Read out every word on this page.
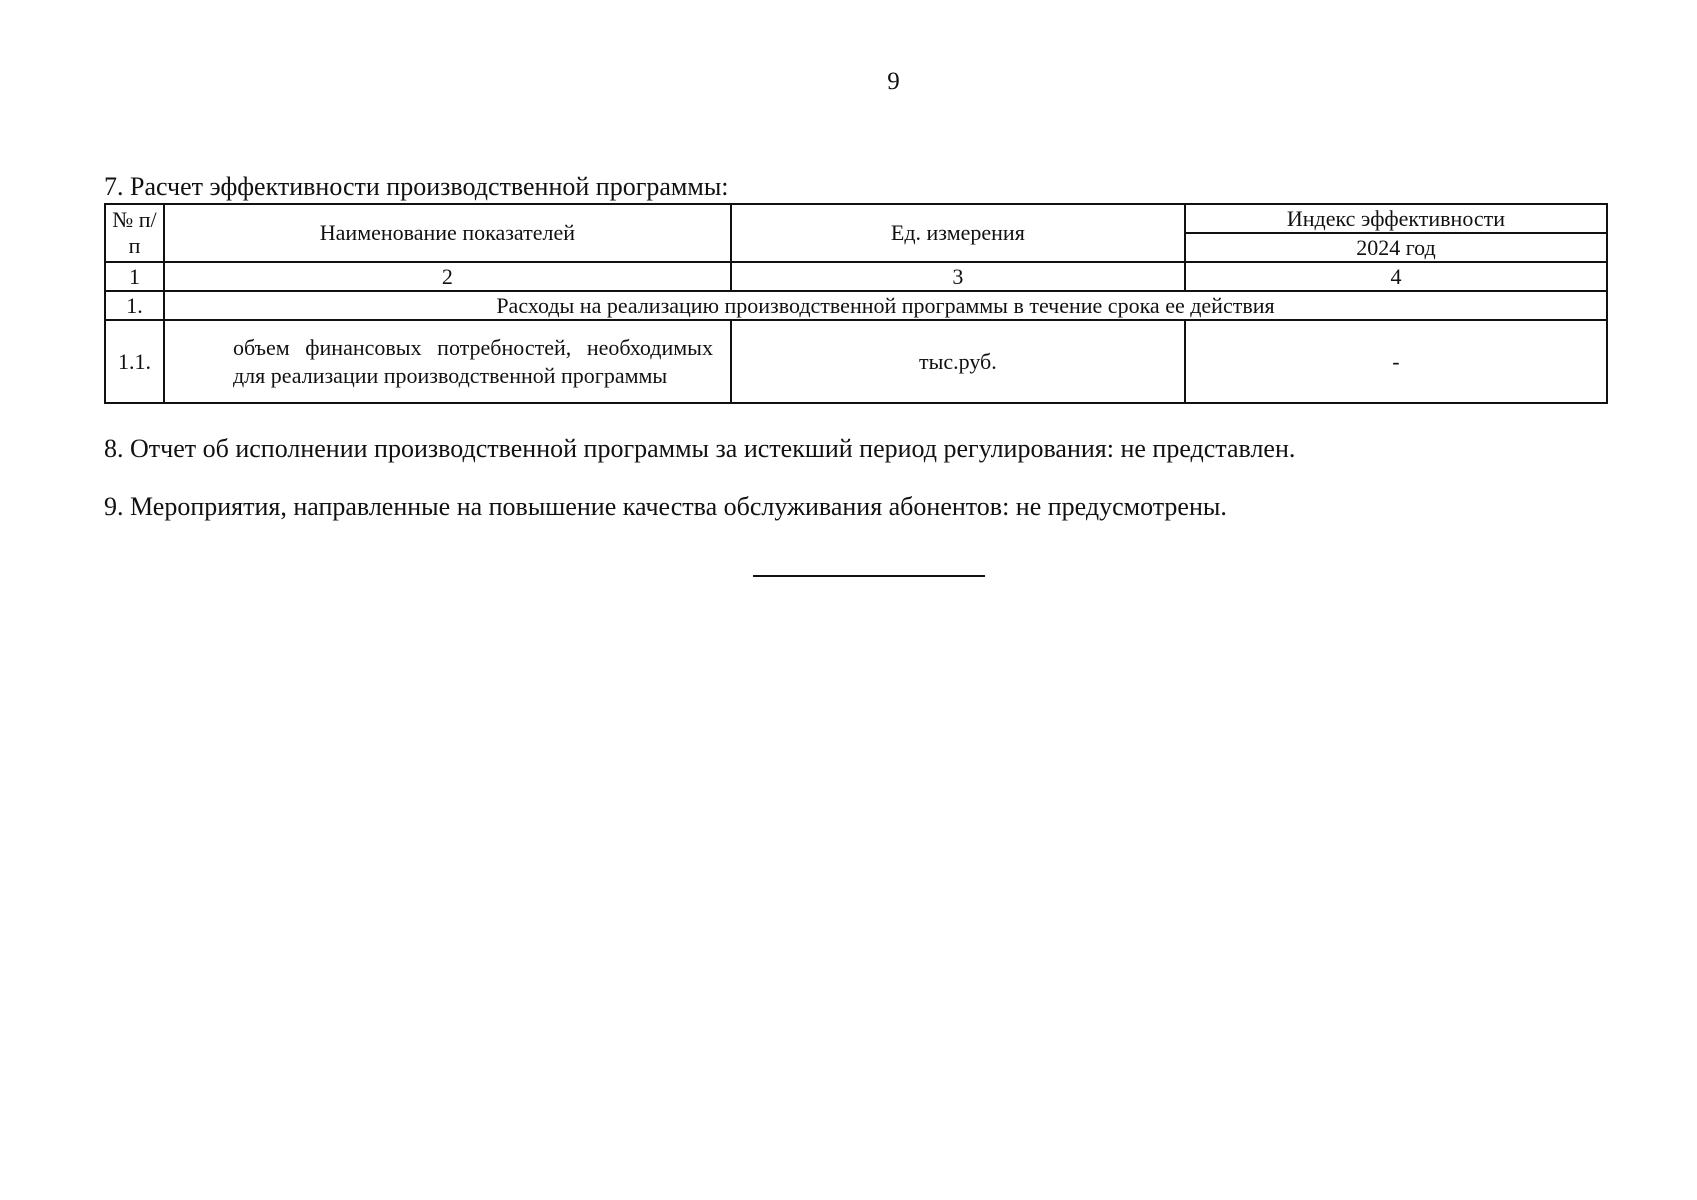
9
7. Расчет эффективности производственной программы:
№ п/п	Наименование показателей	Ед. измерения	Индекс эффективности
			2024 год
1	2	3	4
1.	Расходы на реализацию производственной программы в течение срока ее действия		
1.1.	объем финансовых потребностей, необходимых для реализации производственной программы	тыс.руб.	-
8. Отчет об исполнении производственной программы за истекший период регулирования: не представлен.
9. Мероприятия, направленные на повышение качества обслуживания абонентов: не предусмотрены.
